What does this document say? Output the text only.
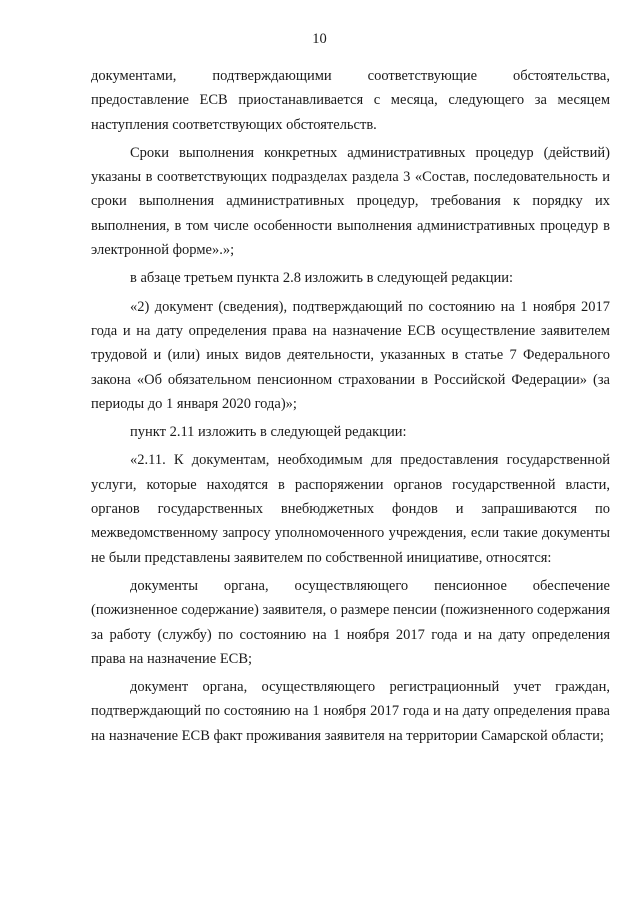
10

документами, подтверждающими соответствующие обстоятельства, предоставление ЕСВ приостанавливается с месяца, следующего за месяцем наступления соответствующих обстоятельств.

Сроки выполнения конкретных административных процедур (действий) указаны в соответствующих подразделах раздела 3 «Состав, последовательность и сроки выполнения административных процедур, требования к порядку их выполнения, в том числе особенности выполнения административных процедур в электронной форме».»;

в абзаце третьем пункта 2.8 изложить в следующей редакции:

«2) документ (сведения), подтверждающий по состоянию на 1 ноября 2017 года и на дату определения права на назначение ЕСВ осуществление заявителем трудовой и (или) иных видов деятельности, указанных в статье 7 Федерального закона «Об обязательном пенсионном страховании в Российской Федерации» (за периоды до 1 января 2020 года)»;

пункт 2.11 изложить в следующей редакции:

«2.11. К документам, необходимым для предоставления государственной услуги, которые находятся в распоряжении органов государственной власти, органов государственных внебюджетных фондов и запрашиваются по межведомственному запросу уполномоченного учреждения, если такие документы не были представлены заявителем по собственной инициативе, относятся:

документы органа, осуществляющего пенсионное обеспечение (пожизненное содержание) заявителя, о размере пенсии (пожизненного содержания за работу (службу) по состоянию на 1 ноября 2017 года и на дату определения права на назначение ЕСВ;

документ органа, осуществляющего регистрационный учет граждан, подтверждающий по состоянию на 1 ноября 2017 года и на дату определения права на назначение ЕСВ факт проживания заявителя на территории Самарской области;
